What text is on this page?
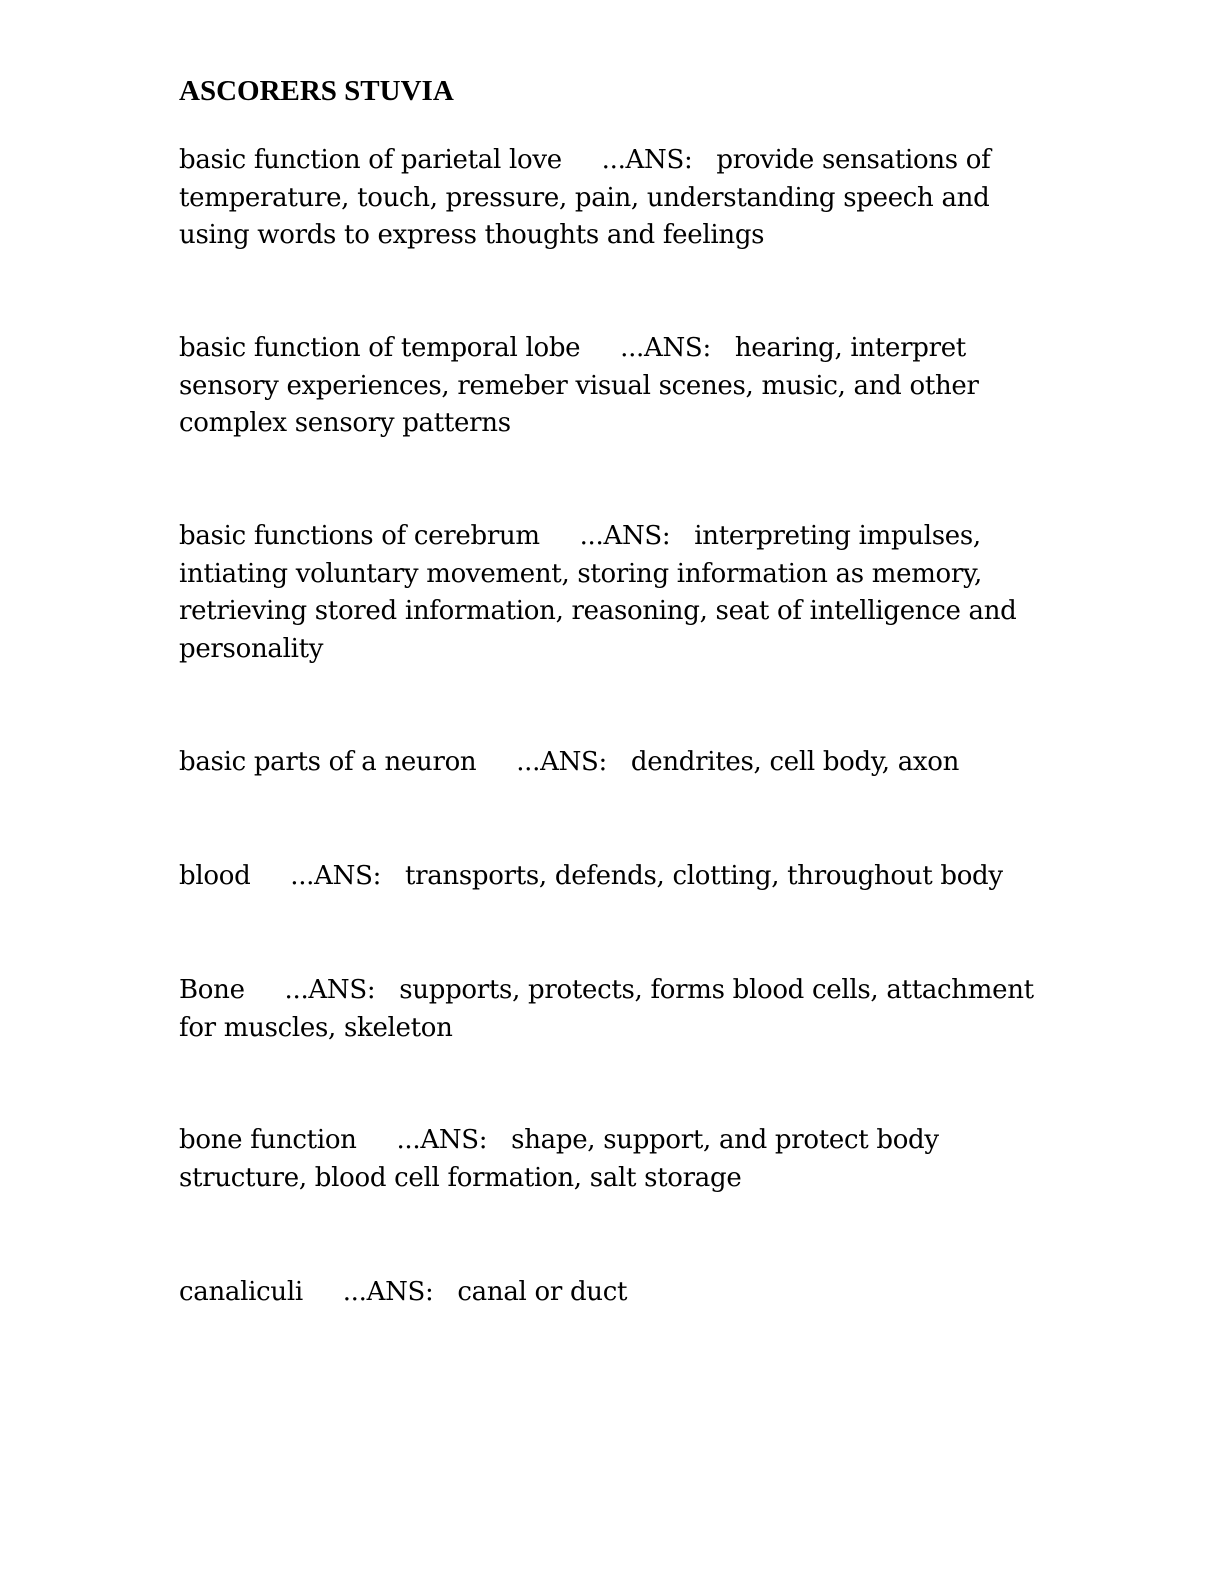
ASCORERS STUVIA

basic function of parietal love ...ANS: provide sensations of temperature, touch, pressure, pain, understanding speech and using words to express thoughts and feelings

basic function of temporal lobe ...ANS: hearing, interpret sensory experiences, remeber visual scenes, music, and other complex sensory patterns

basic functions of cerebrum ...ANS: interpreting impulses, intiating voluntary movement, storing information as memory, retrieving stored information, reasoning, seat of intelligence and personality

basic parts of a neuron ...ANS: dendrites, cell body, axon

blood ...ANS: transports, defends, clotting, throughout body

Bone ...ANS: supports, protects, forms blood cells, attachment for muscles, skeleton

bone function ...ANS: shape, support, and protect body structure, blood cell formation, salt storage

canaliculi ...ANS: canal or duct
